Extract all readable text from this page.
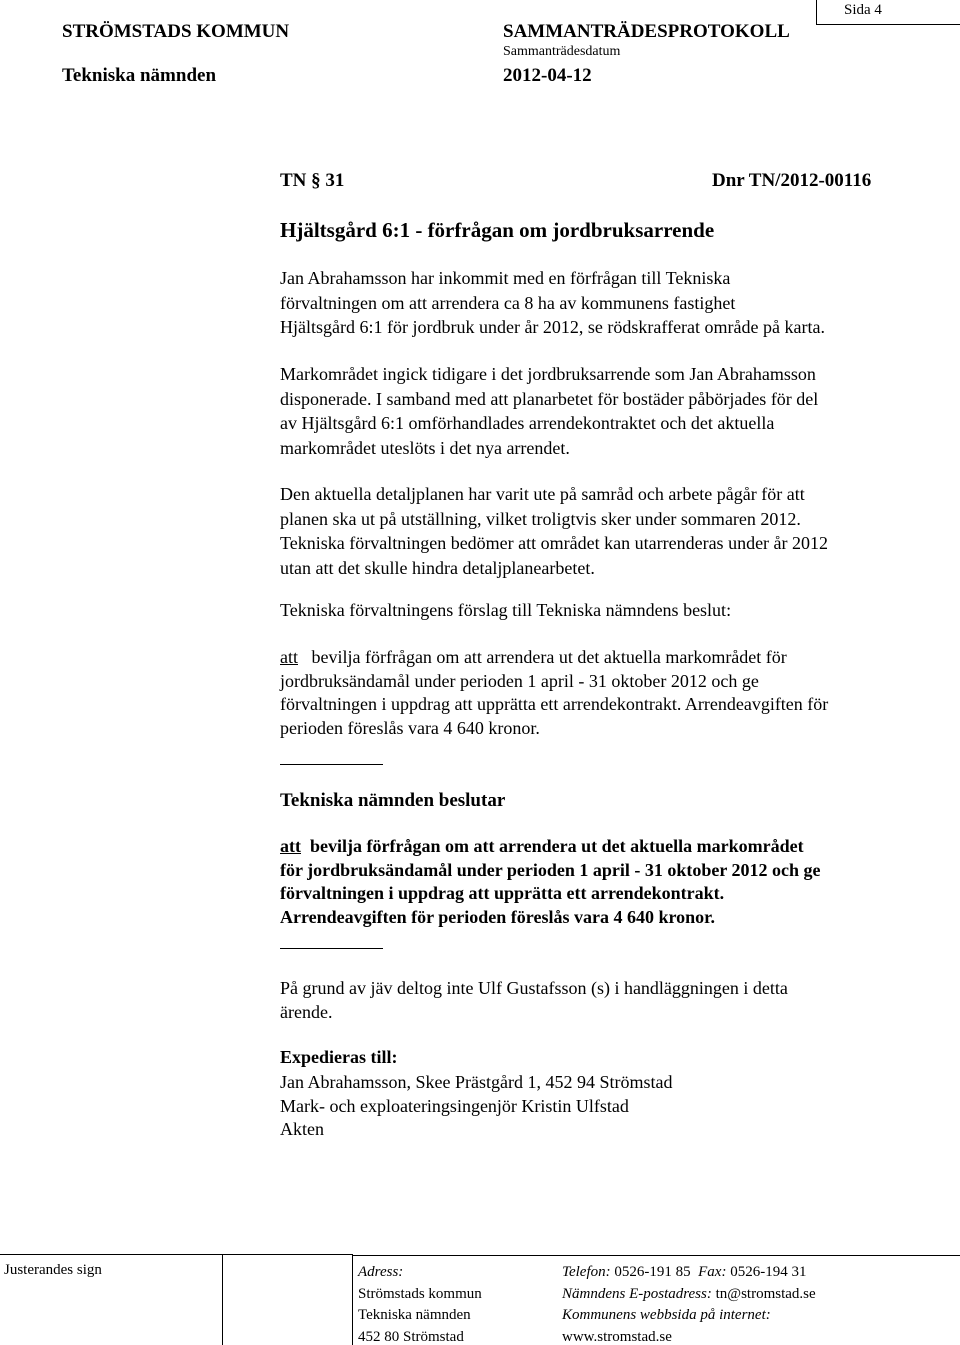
Sida 4
STRÖMSTADS KOMMUN
Tekniska nämnden
SAMMANTRÄDESPROTOKOLL
Sammanträdesdatum
2012-04-12
TN § 31	Dnr TN/2012-00116
Hjältsgård 6:1 - förfrågan om jordbruksarrende

Jan Abrahamsson har inkommit med en förfrågan till Tekniska

förvaltningen om att arrendera ca 8 ha av kommunens fastighet

Hjältsgård 6:1 för jordbruk under år 2012, se rödskrafferat område på karta.

Markområdet ingick tidigare i det jordbruksarrende som Jan Abrahamsson

disponerade. I samband med att planarbetet för bostäder påbörjades för del

av Hjältsgård 6:1 omförhandlades arrendekontraktet och det aktuella

markområdet uteslöts i det nya arrendet.

Den aktuella detaljplanen har varit ute på samråd och arbete pågår för att

planen ska ut på utställning, vilket troligtvis sker under sommaren 2012.

Tekniska förvaltningen bedömer att området kan utarrenderas under år 2012

utan att det skulle hindra detaljplanearbetet.

Tekniska förvaltningens förslag till Tekniska nämndens beslut:

att bevilja förfrågan om att arrendera ut det aktuella markområdet för

jordbruksändamål under perioden 1 april - 31 oktober 2012 och ge

förvaltningen i uppdrag att upprätta ett arrendekontrakt. Arrendeavgiften för

perioden föreslås vara 4 640 kronor.

Tekniska nämnden beslutar

att bevilja förfrågan om att arrendera ut det aktuella markområdet

för jordbruksändamål under perioden 1 april - 31 oktober 2012 och ge

förvaltningen i uppdrag att upprätta ett arrendekontrakt.

Arrendeavgiften för perioden föreslås vara 4 640 kronor.

På grund av jäv deltog inte Ulf Gustafsson (s) i handläggningen i detta

ärende.

Expedieras till:

Jan Abrahamsson, Skee Prästgård 1, 452 94 Strömstad

Mark- och exploateringsingenjör Kristin Ulfstad

Akten

Justerandes sign	Adress:
Strömstads kommun
Tekniska nämnden
452 80 Strömstad
Telefon: 0526-191 85 Fax: 0526-194 31
Nämndens E-postadress: tn@stromstad.se
Kommunens webbsida på internet:
www.stromstad.se
